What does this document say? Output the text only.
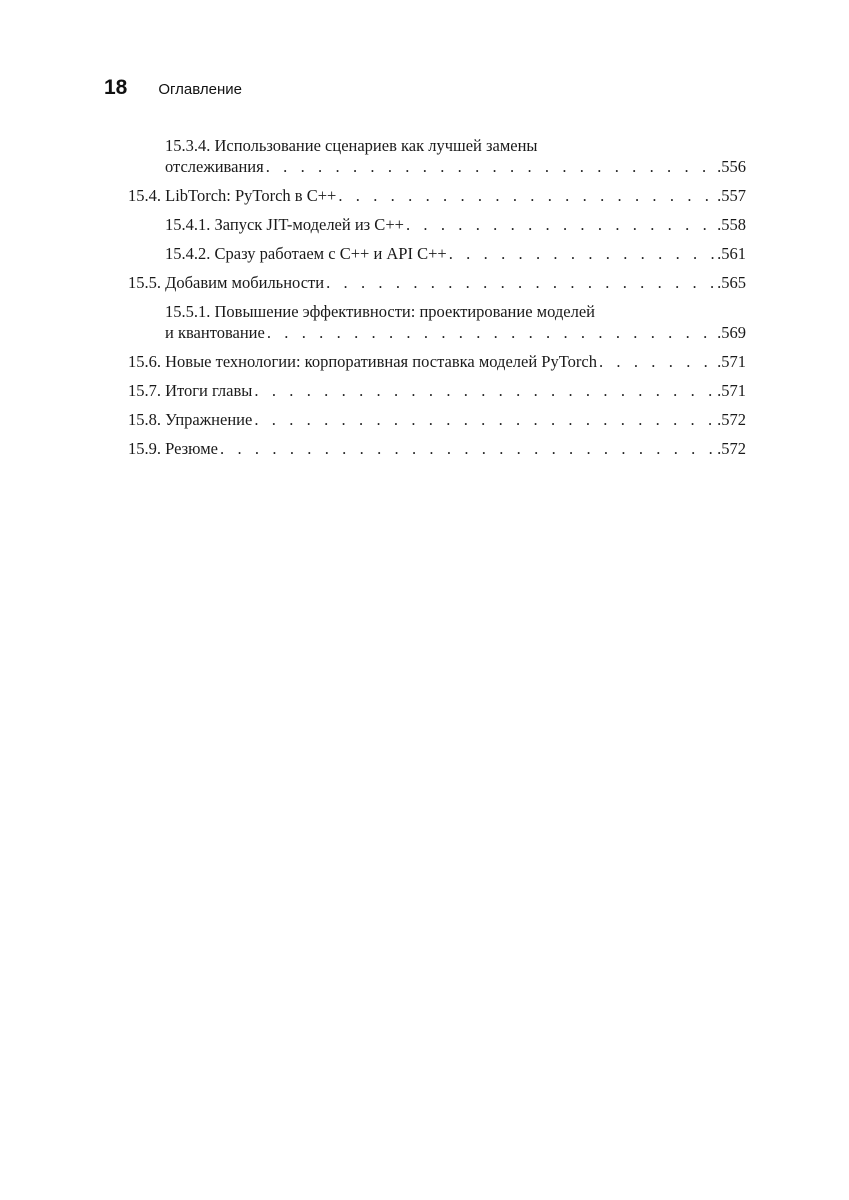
18 Оглавление
15.3.4. Использование сценариев как лучшей замены
отслеживания . . .	.556
15.4. LibTorch: PyTorch в C++ . . .	.557
15.4.1. Запуск JIT-моделей из C++ . . .	.558
15.4.2. Сразу работаем с C++ и API C++ . . .	.561
15.5. Добавим мобильности . . .	.565
15.5.1. Повышение эффективности: проектирование моделей
и квантование . . .	.569
15.6. Новые технологии: корпоративная поставка моделей PyTorch . . .	.571
15.7. Итоги главы . . .	.571
15.8. Упражнение . . .	.572
15.9. Резюме . . .	.572
